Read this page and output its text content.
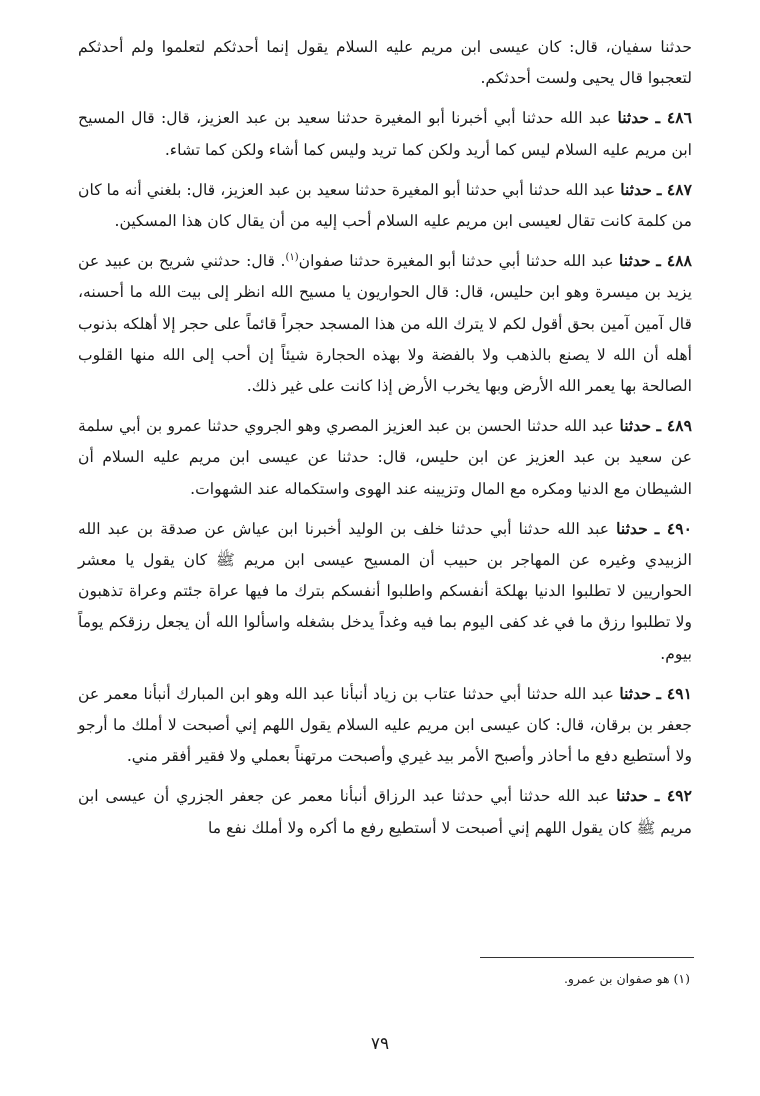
حدثنا سفيان، قال: كان عيسى ابن مريم عليه السلام يقول إنما أحدثكم لتعلموا ولم أحدثكم لتعجبوا قال يحيى ولست أحدثكم.

٤٨٦ ـ حدثنا عبد الله حدثنا أبي أخبرنا أبو المغيرة حدثنا سعيد بن عبد العزيز، قال: قال المسيح ابن مريم عليه السلام ليس كما أريد ولكن كما تريد وليس كما أشاء ولكن كما تشاء.

٤٨٧ ـ حدثنا عبد الله حدثنا أبي حدثنا أبو المغيرة حدثنا سعيد بن عبد العزيز، قال: بلغني أنه ما كان من كلمة كانت تقال لعيسى ابن مريم عليه السلام أحب إليه من أن يقال كان هذا المسكين.

٤٨٨ ـ حدثنا عبد الله حدثنا أبي حدثنا أبو المغيرة حدثنا صفوان$^{(١)}$. قال: حدثني شريح بن عبيد عن يزيد بن ميسرة وهو ابن حليس، قال: قال الحواريون يا مسيح الله انظر إلى بيت الله ما أحسنه، قال آمين آمين بحق أقول لكم لا يترك الله من هذا المسجد حجراً قائماً على حجر إلا أهلكه بذنوب أهله أن الله لا يصنع بالذهب ولا بالفضة ولا بهذه الحجارة شيئاً إن أحب إلى الله منها القلوب الصالحة بها يعمر الله الأرض وبها يخرب الأرض إذا كانت على غير ذلك.

٤٨٩ ـ حدثنا عبد الله حدثنا الحسن بن عبد العزيز المصري وهو الجروي حدثنا عمرو بن أبي سلمة عن سعيد بن عبد العزيز عن ابن حليس، قال: حدثنا عن عيسى ابن مريم عليه السلام أن الشيطان مع الدنيا ومكره مع المال وتزيينه عند الهوى واستكماله عند الشهوات.

٤٩٠ ـ حدثنا عبد الله حدثنا أبي حدثنا خلف بن الوليد أخبرنا ابن عياش عن صدقة بن عبد الله الزبيدي وغيره عن المهاجر بن حبيب أن المسيح عيسى ابن مريم ﷺ كان يقول يا معشر الحواريين لا تطلبوا الدنيا بهلكة أنفسكم واطلبوا أنفسكم بترك ما فيها عراة جئتم وعراة تذهبون ولا تطلبوا رزق ما في غد كفى اليوم بما فيه وغداً يدخل بشغله واسألوا الله أن يجعل رزقكم يوماً بيوم.

٤٩١ ـ حدثنا عبد الله حدثنا أبي حدثنا عتاب بن زياد أنبأنا عبد الله وهو ابن المبارك أنبأنا معمر عن جعفر بن برقان، قال: كان عيسى ابن مريم عليه السلام يقول اللهم إني أصبحت لا أملك ما أرجو ولا أستطيع دفع ما أحاذر وأصبح الأمر بيد غيري وأصبحت مرتهناً بعملي ولا فقير أفقر مني.

٤٩٢ ـ حدثنا عبد الله حدثنا أبي حدثنا عبد الرزاق أنبأنا معمر عن جعفر الجزري أن عيسى ابن مريم ﷺ كان يقول اللهم إني أصبحت لا أستطيع رفع ما أكره ولا أملك نفع ما

(١) هو صفوان بن عمرو.
٧٩
